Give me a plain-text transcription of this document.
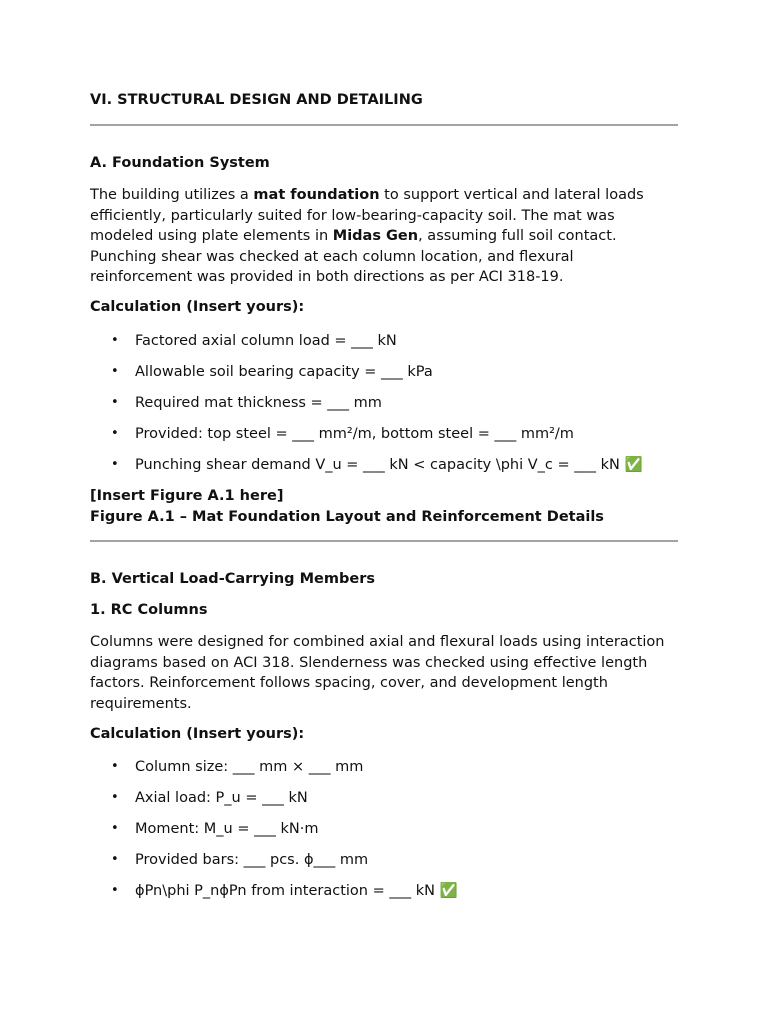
VI. STRUCTURAL DESIGN AND DETAILING
A. Foundation System
The building utilizes a mat foundation to support vertical and lateral loads efficiently, particularly suited for low-bearing-capacity soil. The mat was modeled using plate elements in Midas Gen, assuming full soil contact. Punching shear was checked at each column location, and flexural reinforcement was provided in both directions as per ACI 318-19.
Calculation (Insert yours):
• Factored axial column load = ___ kN
• Allowable soil bearing capacity = ___ kPa
• Required mat thickness = ___ mm
• Provided: top steel = ___ mm²/m, bottom steel = ___ mm²/m
• Punching shear demand V_u = ___ kN < capacity \phi V_c = ___ kN ✅
[Insert Figure A.1 here]
Figure A.1 – Mat Foundation Layout and Reinforcement Details
B. Vertical Load-Carrying Members
1. RC Columns
Columns were designed for combined axial and flexural loads using interaction diagrams based on ACI 318. Slenderness was checked using effective length factors. Reinforcement follows spacing, cover, and development length requirements.
Calculation (Insert yours):
• Column size: ___ mm × ___ mm
• Axial load: P_u = ___ kN
• Moment: M_u = ___ kN·m
• Provided bars: ___ pcs. ϕ___ mm
• ϕPn\phi P_nϕPn from interaction = ___ kN ✅
